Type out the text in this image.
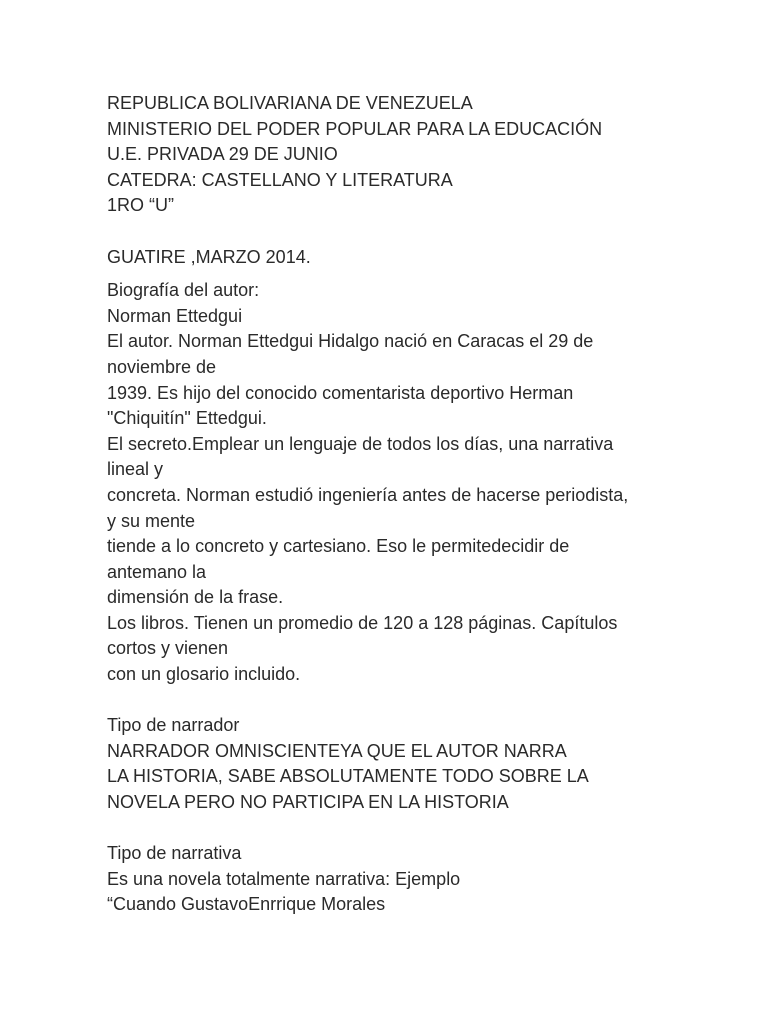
REPUBLICA BOLIVARIANA DE VENEZUELA
MINISTERIO DEL PODER POPULAR PARA LA EDUCACIÓN
U.E. PRIVADA 29 DE JUNIO
CATEDRA: CASTELLANO Y LITERATURA
1RO “U”
GUATIRE ,MARZO 2014.
Biografía del autor:
Norman Ettedgui
El autor. Norman Ettedgui Hidalgo nació en Caracas el 29 de
noviembre de
1939. Es hijo del conocido comentarista deportivo Herman
"Chiquitín" Ettedgui.
El secreto.Emplear un lenguaje de todos los días, una narrativa
lineal y
concreta. Norman estudió ingeniería antes de hacerse periodista,
y su mente
tiende a lo concreto y cartesiano. Eso le permitedecidir de
antemano la
dimensión de la frase.
Los libros. Tienen un promedio de 120 a 128 páginas. Capítulos
cortos y vienen
con un glosario incluido.
Tipo de narrador
NARRADOR OMNISCIENTEYA QUE EL AUTOR NARRA
LA HISTORIA, SABE ABSOLUTAMENTE TODO SOBRE LA
NOVELA PERO NO PARTICIPA EN LA HISTORIA
Tipo de narrativa
Es una novela totalmente narrativa: Ejemplo
“Cuando GustavoEnrrique Morales
